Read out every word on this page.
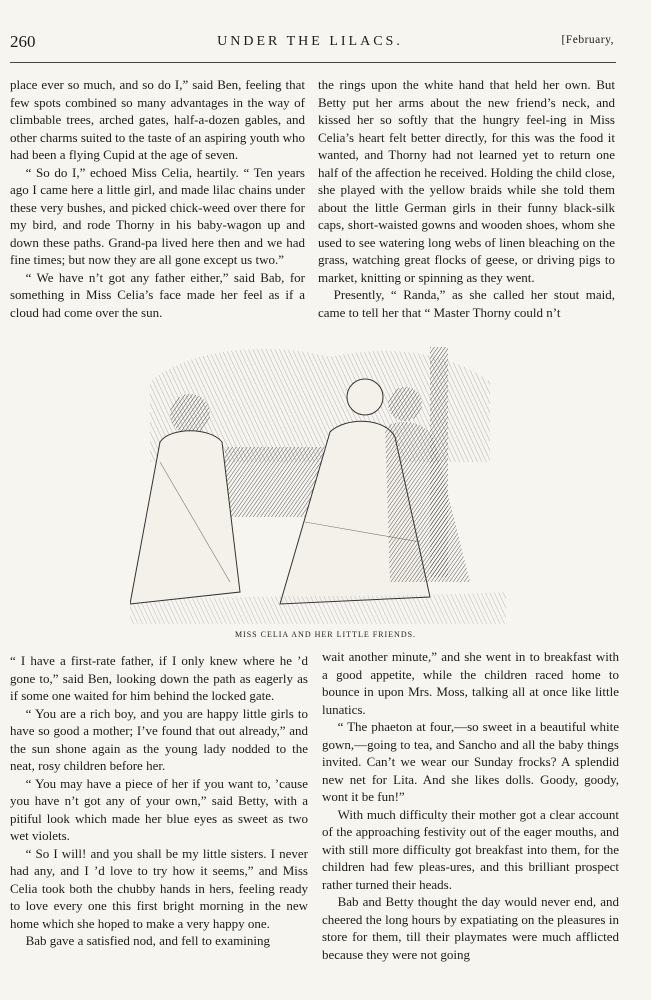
260	UNDER THE LILACS.	[February,

place ever so much, and so do I,” said Ben, feeling that few spots combined so many advantages in the way of climbable trees, arched gates, half-a-dozen gables, and other charms suited to the taste of an aspiring youth who had been a flying Cupid at the age of seven.

“ So do I,” echoed Miss Celia, heartily. “ Ten years ago I came here a little girl, and made lilac chains under these very bushes, and picked chick-weed over there for my bird, and rode Thorny in his baby-wagon up and down these paths. Grand-pa lived here then and we had fine times; but now they are all gone except us two.”

“ We have n’t got any father either,” said Bab, for something in Miss Celia’s face made her feel as if a cloud had come over the sun.

the rings upon the white hand that held her own. But Betty put her arms about the new friend’s neck, and kissed her so softly that the hungry feel-ing in Miss Celia’s heart felt better directly, for this was the food it wanted, and Thorny had not learned yet to return one half of the affection he received. Holding the child close, she played with the yellow braids while she told them about the little German girls in their funny black-silk caps, short-waisted gowns and wooden shoes, whom she used to see watering long webs of linen bleaching on the grass, watching great flocks of geese, or driving pigs to market, knitting or spinning as they went.

Presently, “ Randa,” as she called her stout maid, came to tell her that “ Master Thorny could n’t

MISS CELIA AND HER LITTLE FRIENDS.

“ I have a first-rate father, if I only knew where he ’d gone to,” said Ben, looking down the path as eagerly as if some one waited for him behind the locked gate.

“ You are a rich boy, and you are happy little girls to have so good a mother; I’ve found that out already,” and the sun shone again as the young lady nodded to the neat, rosy children before her.

“ You may have a piece of her if you want to, ’cause you have n’t got any of your own,” said Betty, with a pitiful look which made her blue eyes as sweet as two wet violets.

“ So I will! and you shall be my little sisters. I never had any, and I ’d love to try how it seems,” and Miss Celia took both the chubby hands in hers, feeling ready to love every one this first bright morning in the new home which she hoped to make a very happy one.

Bab gave a satisfied nod, and fell to examining

wait another minute,” and she went in to breakfast with a good appetite, while the children raced home to bounce in upon Mrs. Moss, talking all at once like little lunatics.

“ The phaeton at four,—so sweet in a beautiful white gown,—going to tea, and Sancho and all the baby things invited. Can’t we wear our Sunday frocks? A splendid new net for Lita. And she likes dolls. Goody, goody, wont it be fun!”

With much difficulty their mother got a clear account of the approaching festivity out of the eager mouths, and with still more difficulty got breakfast into them, for the children had few pleas-ures, and this brilliant prospect rather turned their heads.

Bab and Betty thought the day would never end, and cheered the long hours by expatiating on the pleasures in store for them, till their playmates were much afflicted because they were not going
